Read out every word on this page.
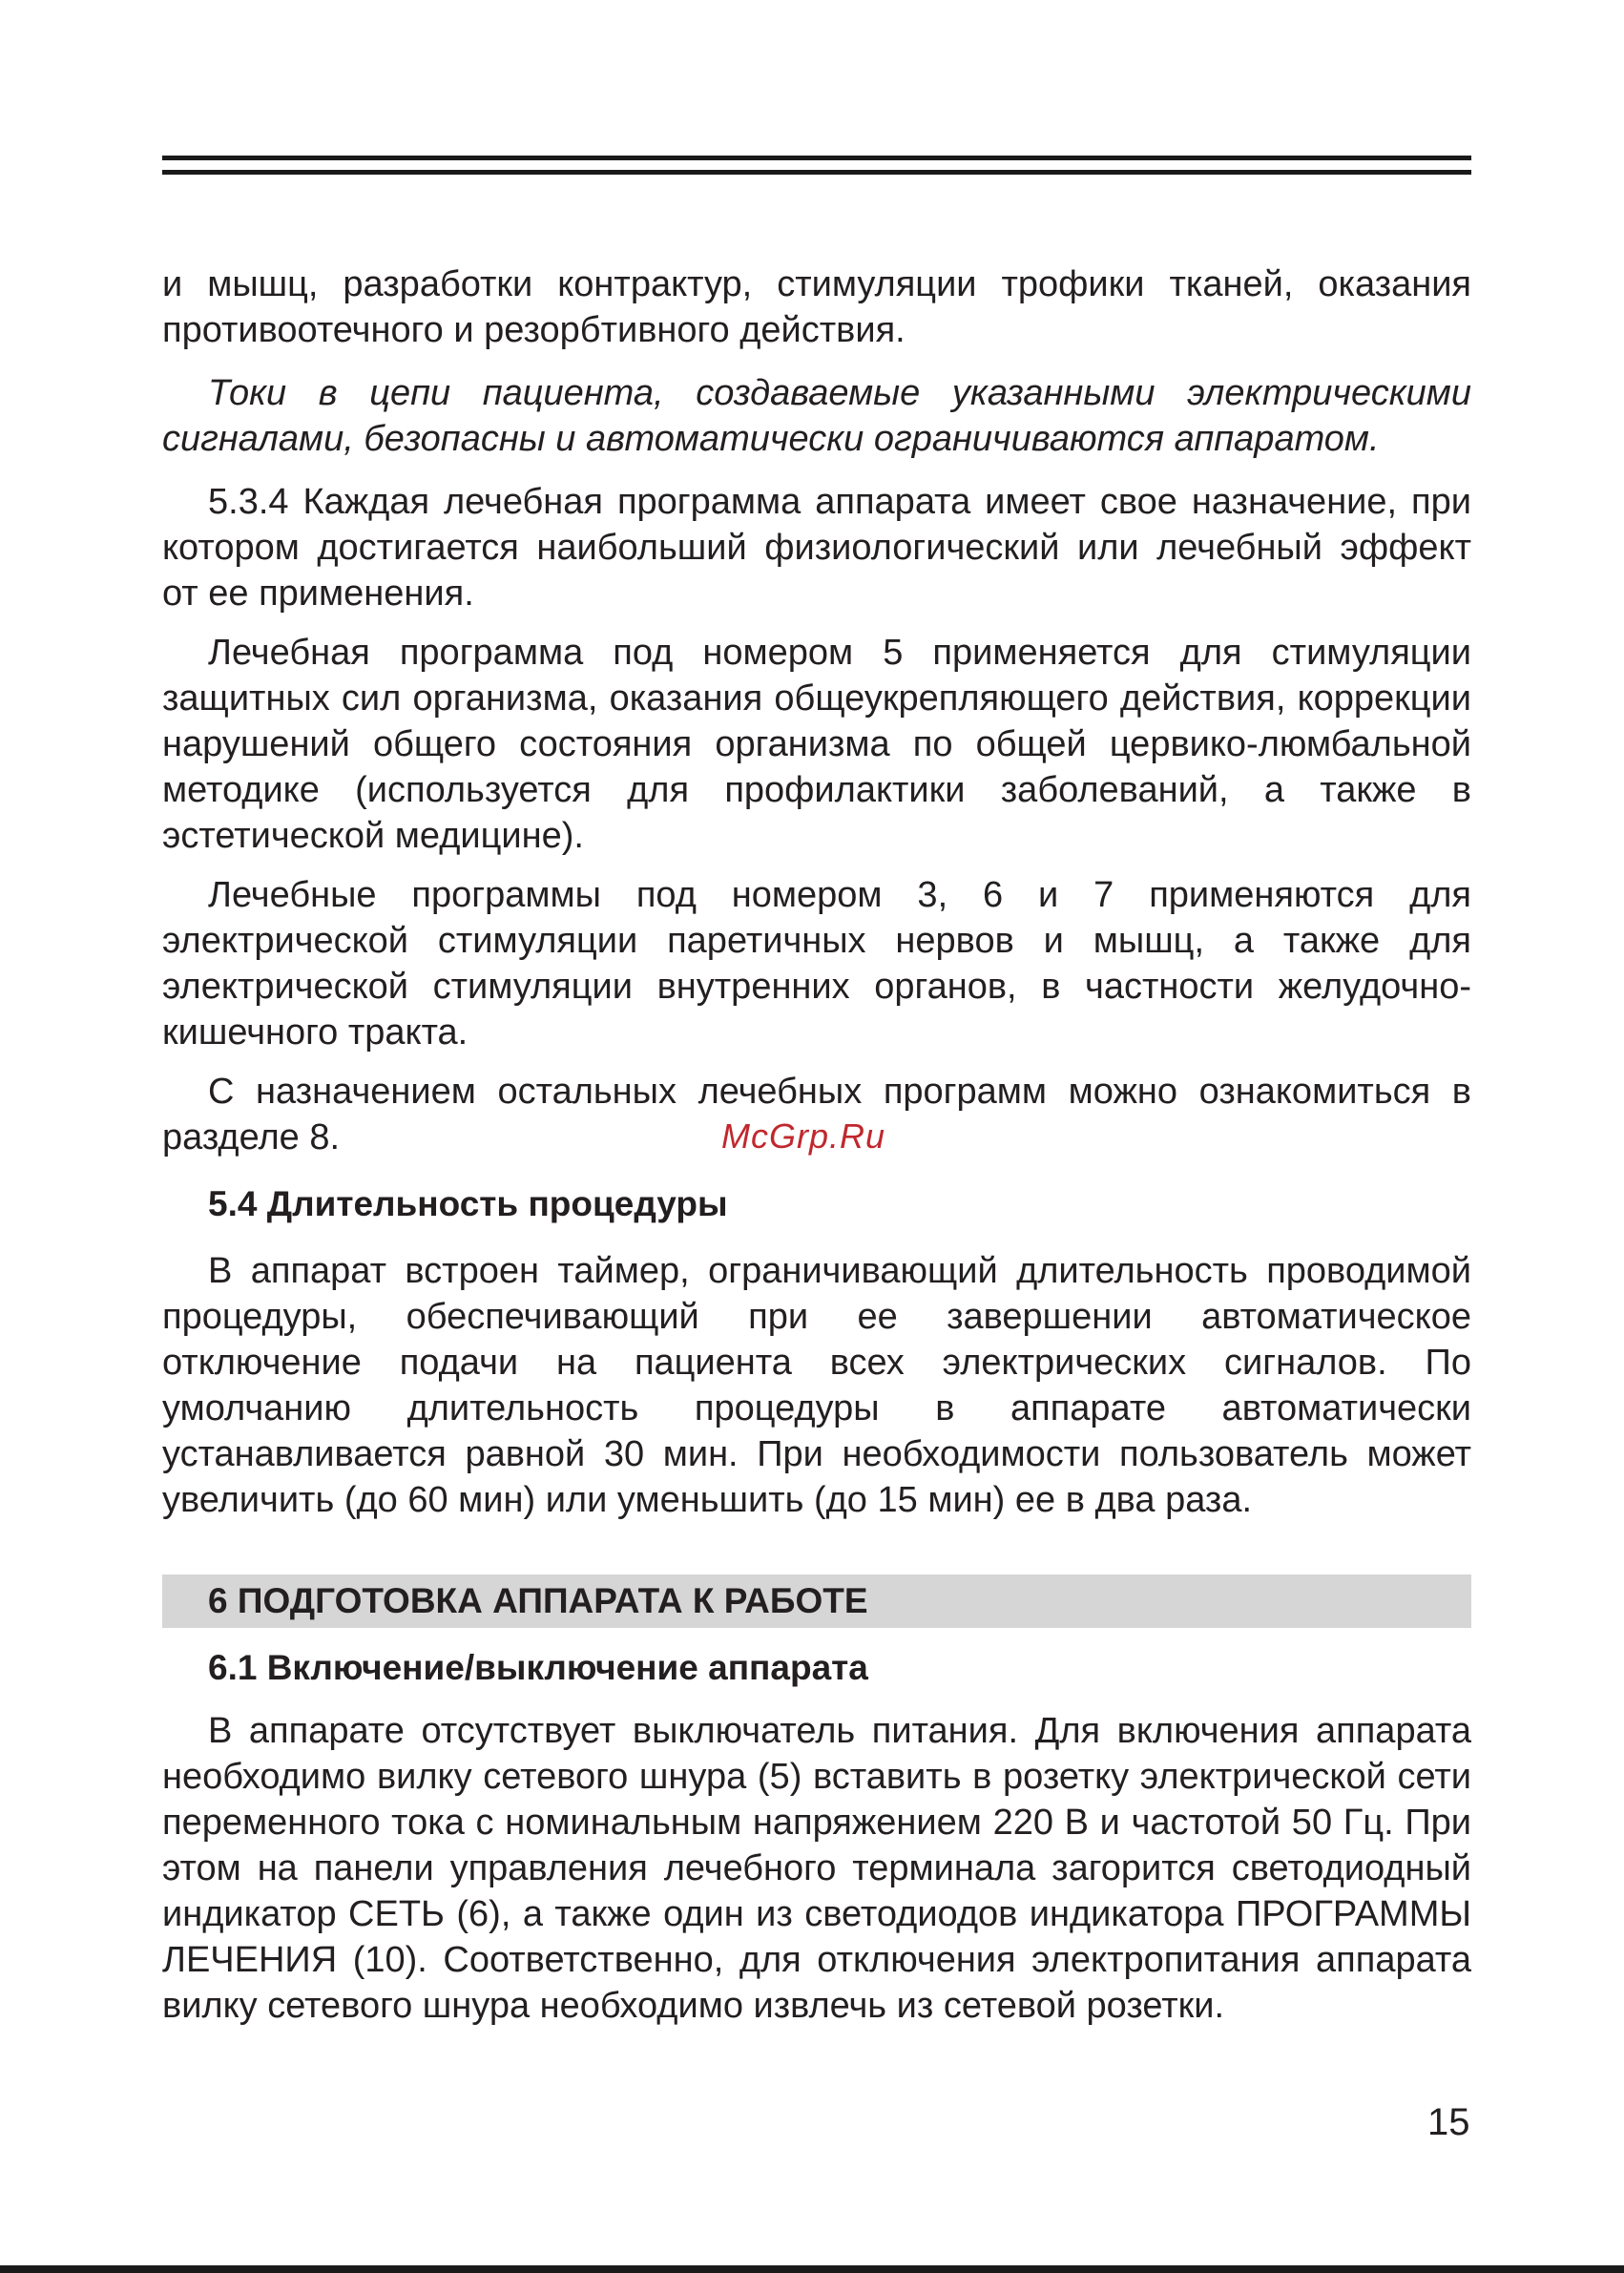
и мышц, разработки контрактур, стимуляции трофики тканей, оказания противоотечного и резорбтивного действия.

Токи в цепи пациента, создаваемые указанными электрическими сигналами, безопасны и автоматически ограничиваются аппаратом.

5.3.4 Каждая лечебная программа аппарата имеет свое назначение, при котором достигается наибольший физиологический или лечебный эффект от ее применения.

Лечебная программа под номером 5 применяется для стимуляции защитных сил организма, оказания общеукрепляющего действия, коррекции нарушений общего состояния организма по общей цервико-люмбальной методике (используется для профилактики заболеваний, а также в эстетической медицине).

Лечебные программы под номером 3, 6 и 7 применяются для электрической стимуляции паретичных нервов и мышц, а также для электрической стимуляции внутренних органов, в частности желудочно-кишечного тракта.

С назначением остальных лечебных программ можно ознакомиться в разделе 8.

5.4 Длительность процедуры

В аппарат встроен таймер, ограничивающий длительность проводимой процедуры, обеспечивающий при ее завершении автоматическое отключение подачи на пациента всех электрических сигналов. По умолчанию длительность процедуры в аппарате автоматически устанавливается равной 30 мин. При необходимости пользователь может увеличить (до 60 мин) или уменьшить (до 15 мин) ее в два раза.

6 ПОДГОТОВКА АППАРАТА К РАБОТЕ
6.1 Включение/выключение аппарата

В аппарате отсутствует выключатель питания. Для включения аппарата необходимо вилку сетевого шнура (5) вставить в розетку электрической сети переменного тока с номинальным напряжением 220 В и частотой 50 Гц. При этом на панели управления лечебного терминала загорится светодиодный индикатор СЕТЬ (6), а также один из светодиодов индикатора ПРОГРАММЫ ЛЕЧЕНИЯ (10). Соответственно, для отключения электропитания аппарата вилку сетевого шнура необходимо извлечь из сетевой розетки.

McGrp.Ru
15
